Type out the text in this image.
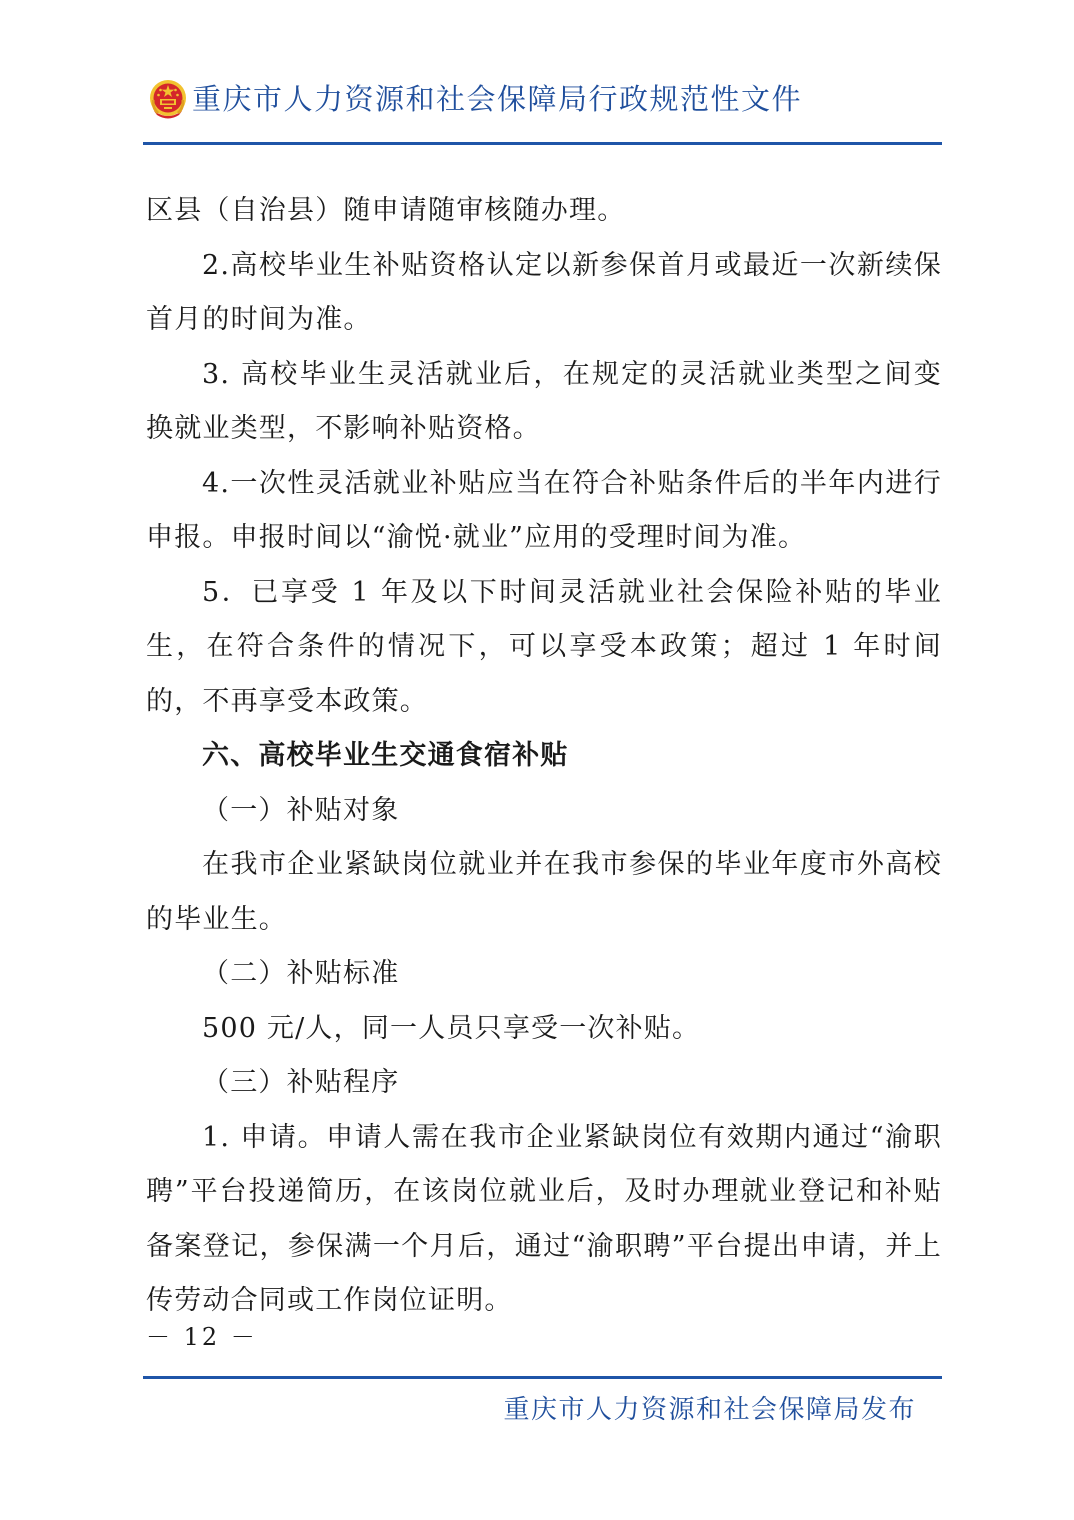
重庆市人力资源和社会保障局行政规范性文件

区县（自治县）随申请随审核随办理。

2.高校毕业生补贴资格认定以新参保首月或最近一次新续保首月的时间为准。

3. 高校毕业生灵活就业后，在规定的灵活就业类型之间变换就业类型，不影响补贴资格。

4.一次性灵活就业补贴应当在符合补贴条件后的半年内进行申报。申报时间以“渝悦·就业”应用的受理时间为准。

5．已享受 1 年及以下时间灵活就业社会保险补贴的毕业生，在符合条件的情况下，可以享受本政策；超过 1 年时间的，不再享受本政策。

六、高校毕业生交通食宿补贴

（一）补贴对象

在我市企业紧缺岗位就业并在我市参保的毕业年度市外高校的毕业生。

（二）补贴标准

500 元/人，同一人员只享受一次补贴。

（三）补贴程序

1. 申请。申请人需在我市企业紧缺岗位有效期内通过“渝职聘”平台投递简历，在该岗位就业后，及时办理就业登记和补贴备案登记，参保满一个月后，通过“渝职聘”平台提出申请，并上传劳动合同或工作岗位证明。

－ 12 －
重庆市人力资源和社会保障局发布
